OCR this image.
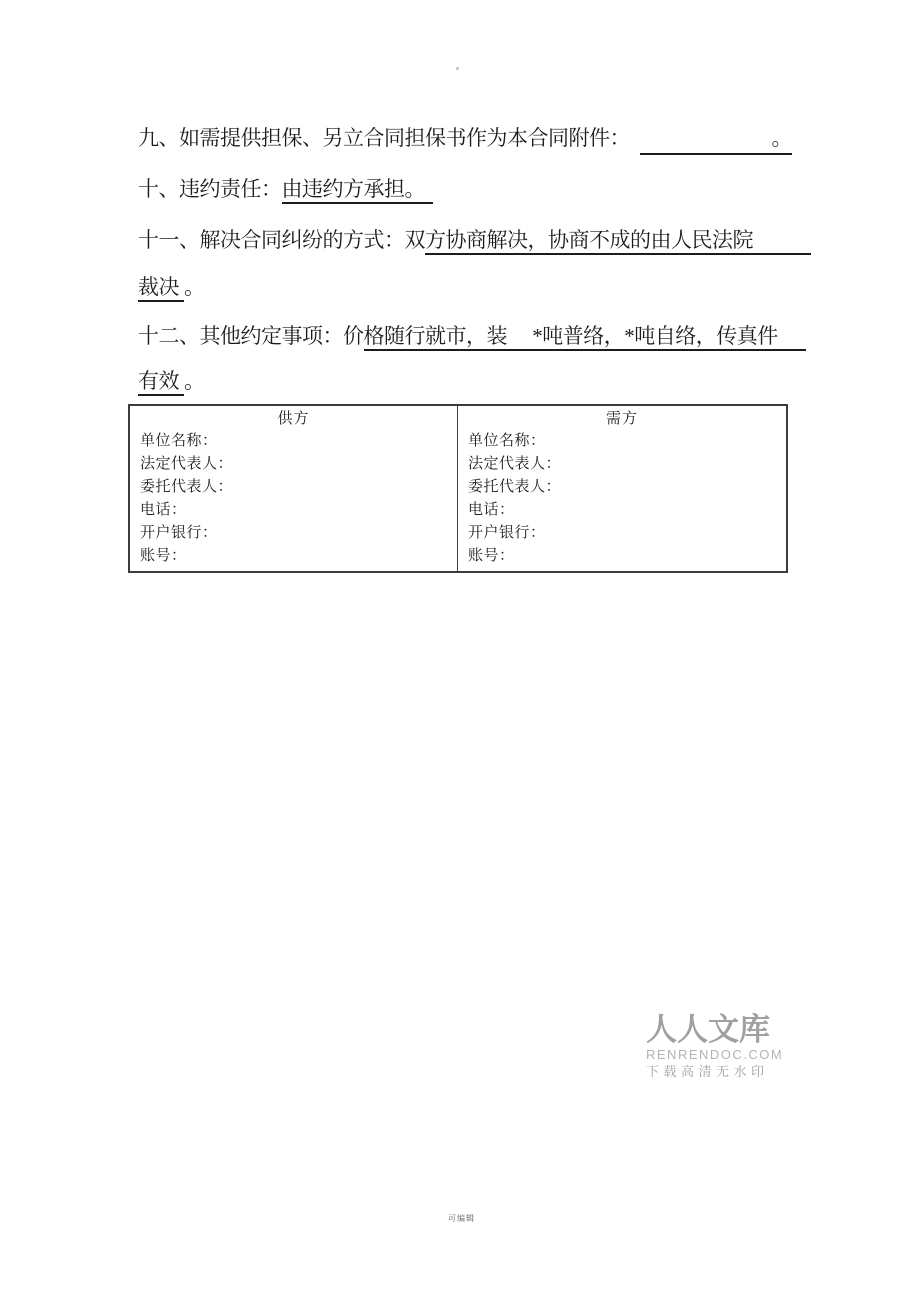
九、如需提供担保、另立合同担保书作为本合同附件：	。
十、违约责任：由违约方承担。
十一、解决合同纠纷的方式：双方协商解决，协商不成的由人民法院
裁决 。
十二、其他约定事项：价格随行就市，装　 *吨普络，*吨自络，传真件
有效 。
供方
单位名称：
法定代表人：
委托代表人：
电话：
开户银行：
账号：
需方
单位名称：
法定代表人：
委托代表人：
电话：
开户银行：
账号：
人人文库
RENRENDOC.COM
下载高清无水印
可编辑
